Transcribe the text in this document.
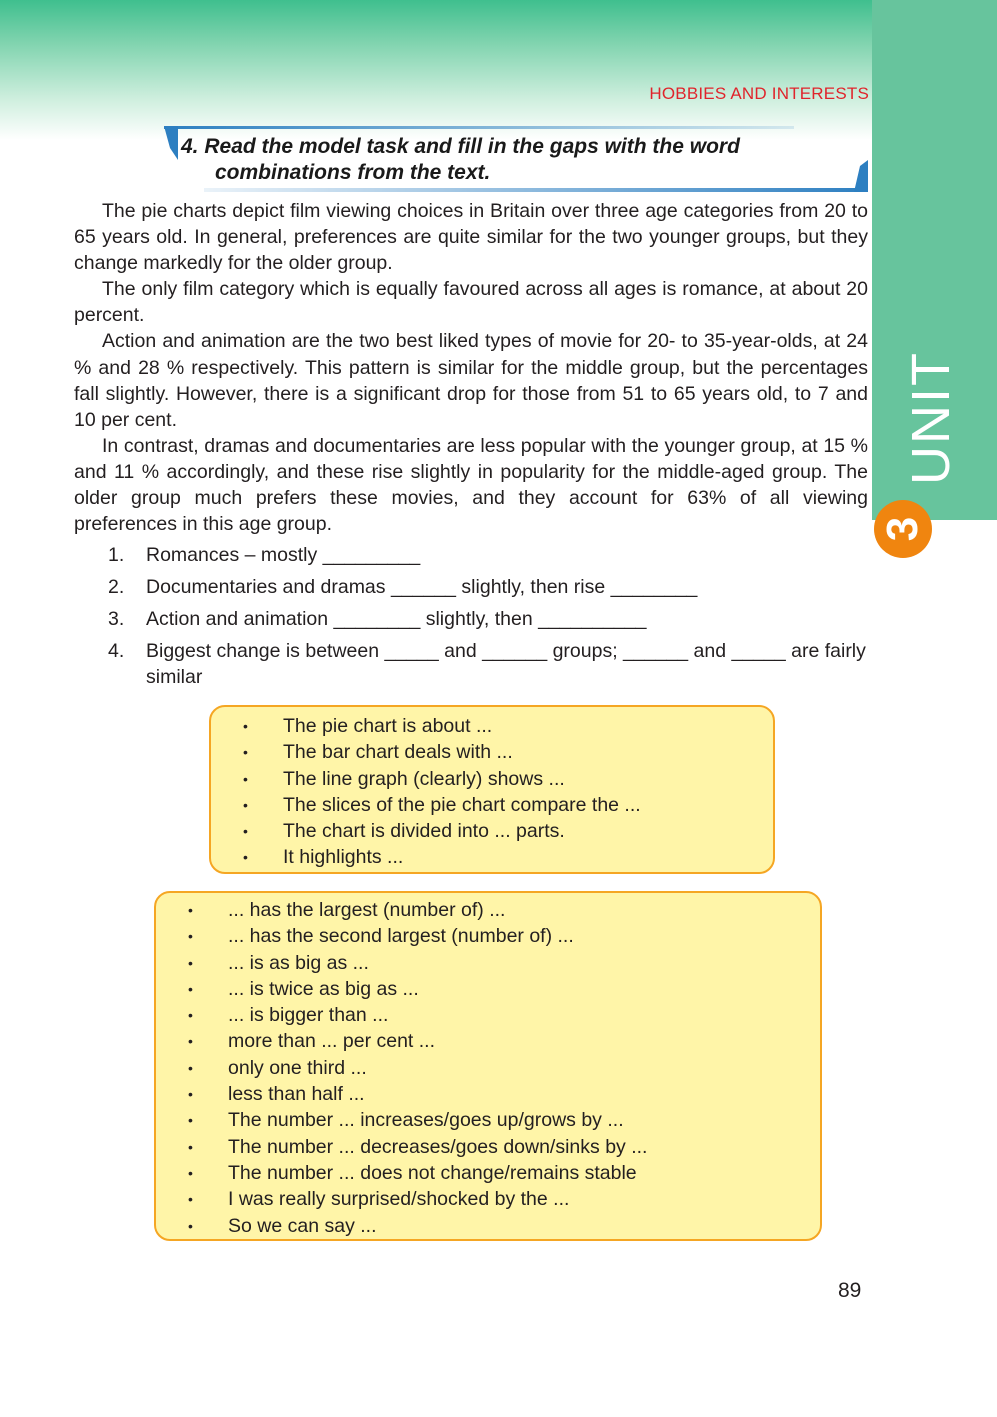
HOBBIES AND INTERESTS
UNIT
3
4. Read the model task and fill in the gaps with the word
combinations from the text.

The pie charts depict film viewing choices in Britain over three age categories from 20 to 65 years old. In general, preferences are quite similar for the two younger groups, but they change markedly for the older group.

The only film category which is equally favoured across all ages is romance, at about 20 percent.

Action and animation are the two best liked types of movie for 20- to 35-year-olds, at 24 % and 28 % respectively. This pattern is similar for the middle group, but the percentages fall slightly. However, there is a significant drop for those from 51 to 65 years old, to 7 and 10 per cent.

In contrast, dramas and documentaries are less popular with the younger group, at 15 % and 11 % accordingly, and these rise slightly in popularity for the middle-aged group. The older group much prefers these movies, and they account for 63% of all viewing preferences in this age group.

1.	Romances – mostly _________
2.	Documentaries and dramas ______ slightly, then rise ________
3.	Action and animation ________ slightly, then __________
4.	Biggest change is between _____ and ______ groups; ______ and _____ are fairly similar
•	The pie chart is about ...
•	The bar chart deals with ...
•	The line graph (clearly) shows ...
•	The slices of the pie chart compare the ...
•	The chart is divided into ... parts.
•	It highlights ...
•	... has the largest (number of) ...
•	... has the second largest (number of) ...
•	... is as big as ...
•	... is twice as big as ...
•	... is bigger than ...
•	more than ... per cent ...
•	only one third ...
•	less than half ...
•	The number ... increases/goes up/grows by ...
•	The number ... decreases/goes down/sinks by ...
•	The number ... does not change/remains stable
•	I was really surprised/shocked by the ...
•	So we can say ...
89
